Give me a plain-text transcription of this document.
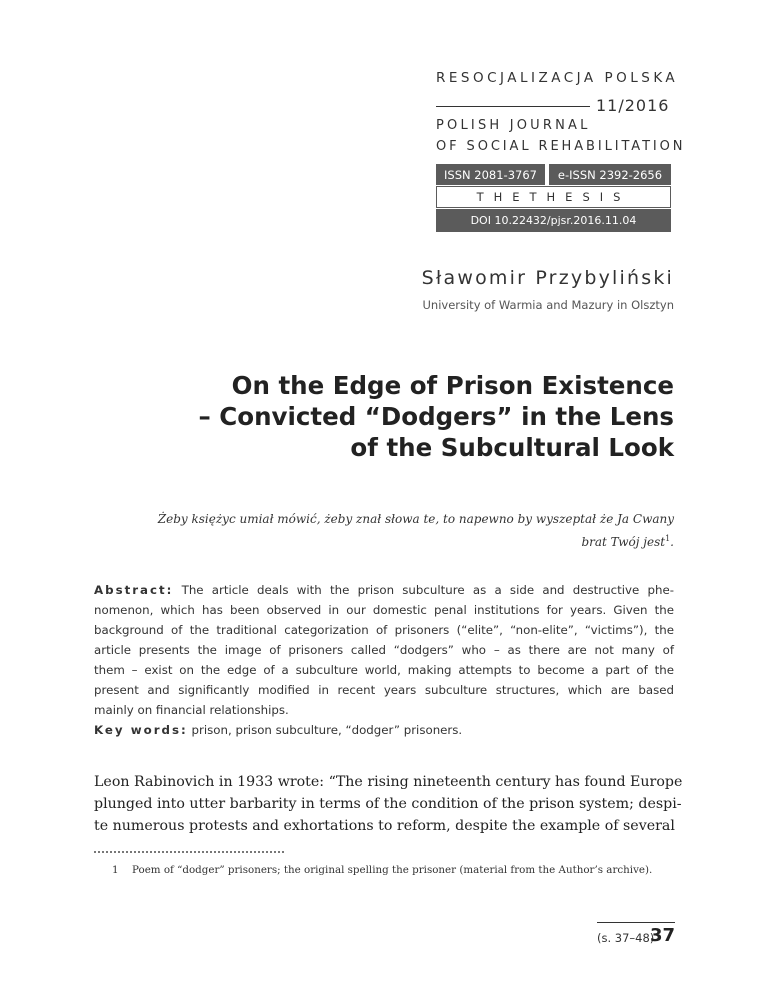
RESOCJALIZACJA POLSKA
11/2016
POLISH JOURNAL
OF SOCIAL REHABILITATION
ISSN 2081-3767	e-ISSN 2392-2656
THETHESIS
DOI 10.22432/pjsr.2016.11.04
Sławomir Przybyliński
University of Warmia and Mazury in Olsztyn
On the Edge of Prison Existence
– Convicted “Dodgers” in the Lens
of the Subcultural Look
Żeby księżyc umiał mówić, żeby znał słowa te, to napewno by wyszeptał że Ja Cwany
brat Twój jest$^1$.
Abstract: The article deals with the prison subculture as a side and destructive phe-
nomenon, which has been observed in our domestic penal institutions for years. Given the
background of the traditional categorization of prisoners (“elite”, “non-elite”, “victims”), the
article presents the image of prisoners called “dodgers” who – as there are not many of
them – exist on the edge of a subculture world, making attempts to become a part of the
present and significantly modified in recent years subculture structures, which are based
mainly on financial relationships.
Key words: prison, prison subculture, “dodger” prisoners.
Leon Rabinovich in 1933 wrote: “The rising nineteenth century has found Europe
plunged into utter barbarity in terms of the condition of the prison system; despi-
te numerous protests and exhortations to reform, despite the example of several
1 Poem of “dodger” prisoners; the original spelling the prisoner (material from the Author’s archive).
(s. 37–48)
37
